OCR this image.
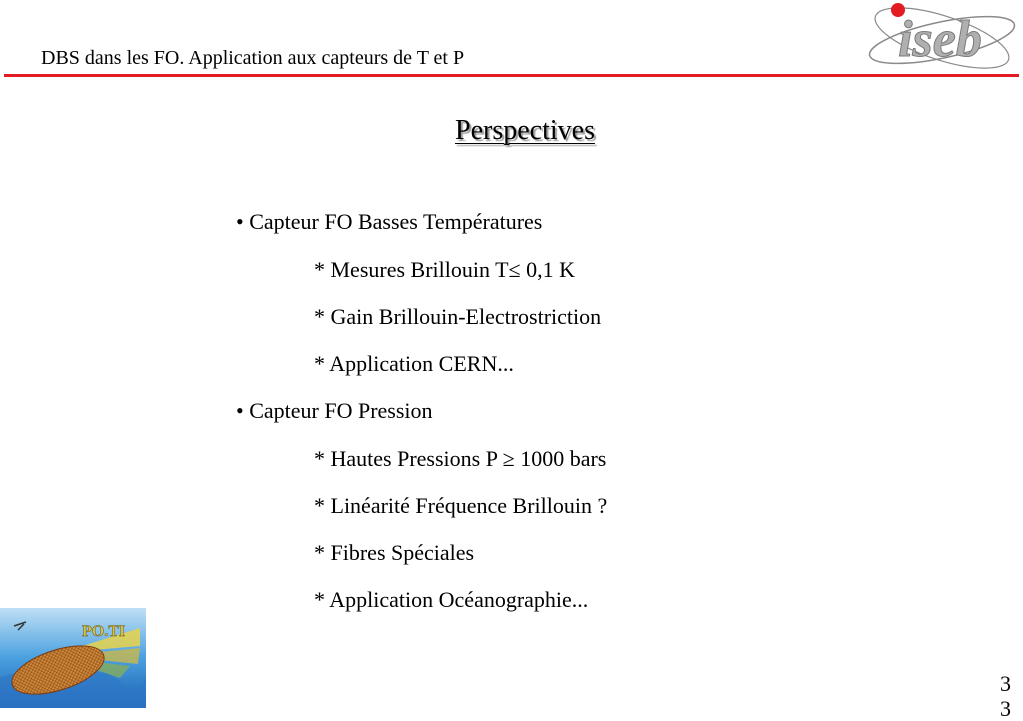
DBS dans les FO. Application aux capteurs de T et P	iseb
Perspectives
• Capteur FO Basses Températures
* Mesures Brillouin T≤ 0,1 K
* Gain Brillouin-Electrostriction
* Application CERN...
• Capteur FO Pression
* Hautes Pressions P ≥ 1000 bars
* Linéarité Fréquence Brillouin ?
* Fibres Spéciales
* Application Océanographie...
PO.TI
3
3
